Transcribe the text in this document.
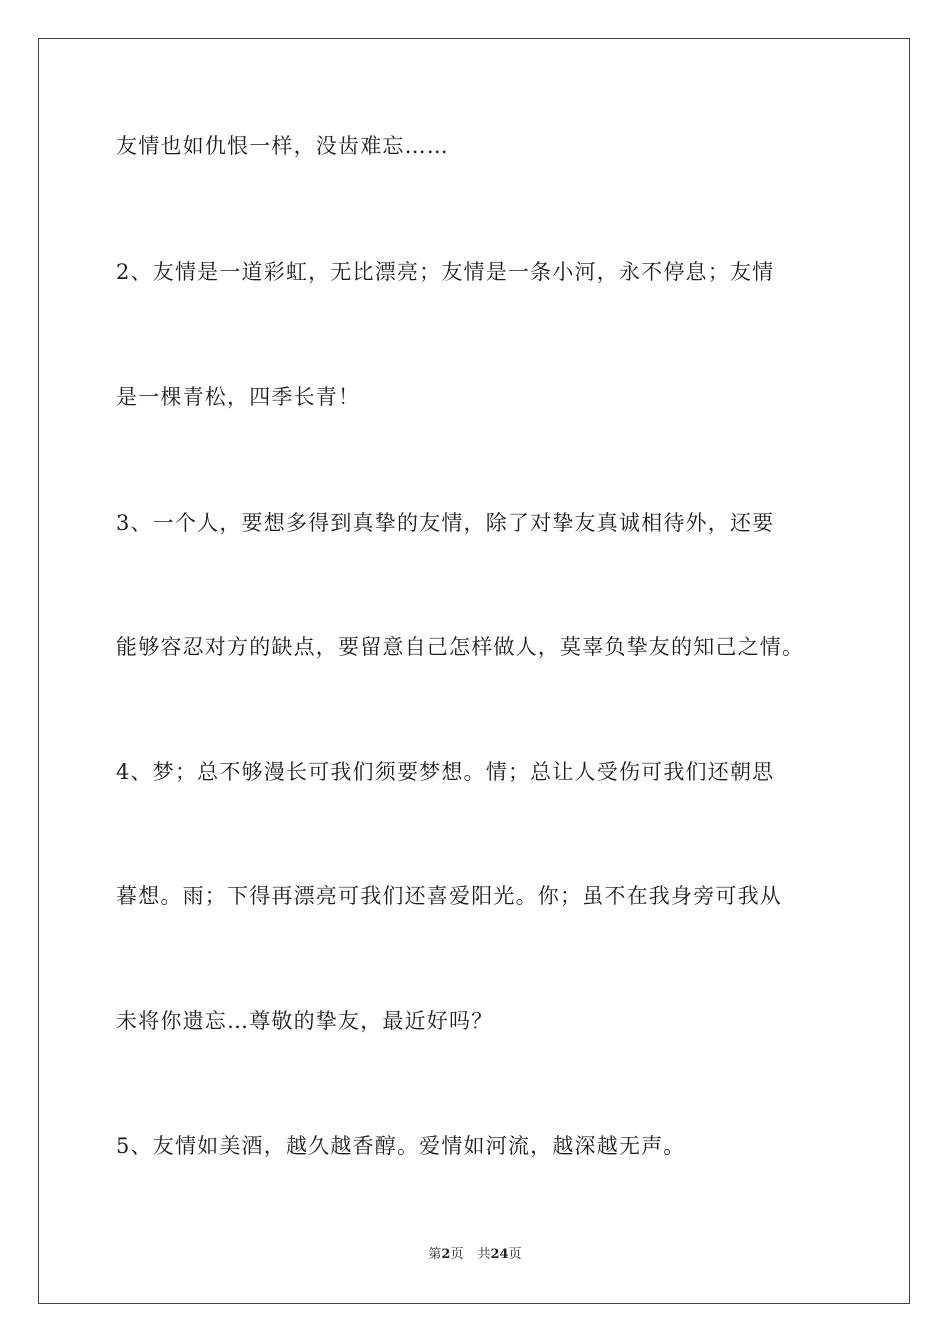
友情也如仇恨一样，没齿难忘……
2、友情是一道彩虹，无比漂亮；友情是一条小河，永不停息；友情
是一棵青松，四季长青！
3、一个人，要想多得到真挚的友情，除了对挚友真诚相待外，还要
能够容忍对方的缺点，要留意自己怎样做人，莫辜负挚友的知己之情。
4、梦；总不够漫长可我们须要梦想。情；总让人受伤可我们还朝思
暮想。雨；下得再漂亮可我们还喜爱阳光。你；虽不在我身旁可我从
未将你遗忘…尊敬的挚友，最近好吗？
5、友情如美酒，越久越香醇。爱情如河流，越深越无声。
第2页 共24页
